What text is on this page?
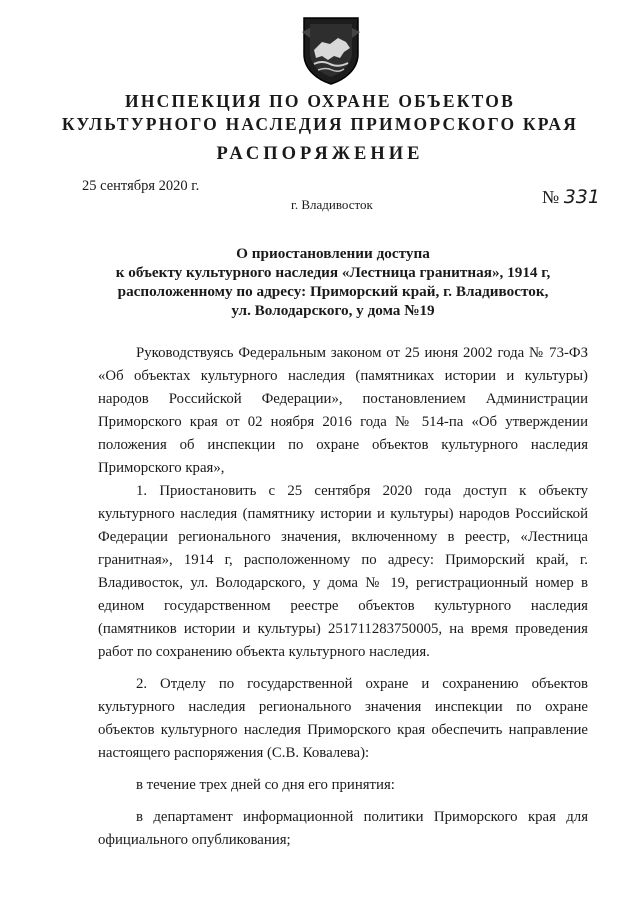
ИНСПЕКЦИЯ ПО ОХРАНЕ ОБЪЕКТОВ
КУЛЬТУРНОГО НАСЛЕДИЯ ПРИМОРСКОГО КРАЯ
РАСПОРЯЖЕНИЕ
25 сентября 2020 г.
№ 331
г. Владивосток
О приостановлении доступа
к объекту культурного наследия «Лестница гранитная», 1914 г,
расположенному по адресу: Приморский край, г. Владивосток,
ул. Володарского, у дома №19

Руководствуясь Федеральным законом от 25 июня 2002 года № 73-ФЗ «Об объектах культурного наследия (памятниках истории и культуры) народов Российской Федерации», постановлением Администрации Приморского края от 02 ноября 2016 года № 514-па «Об утверждении положения об инспекции по охране объектов культурного наследия Приморского края»,

1. Приостановить с 25 сентября 2020 года доступ к объекту культурного наследия (памятнику истории и культуры) народов Российской Федерации регионального значения, включенному в реестр, «Лестница гранитная», 1914 г, расположенному по адресу: Приморский край, г. Владивосток, ул. Володарского, у дома № 19, регистрационный номер в едином государственном реестре объектов культурного наследия (памятников истории и культуры) 251711283750005, на время проведения работ по сохранению объекта культурного наследия.

2. Отделу по государственной охране и сохранению объектов культурного наследия регионального значения инспекции по охране объектов культурного наследия Приморского края обеспечить направление настоящего распоряжения (С.В. Ковалева):

в течение трех дней со дня его принятия:

в департамент информационной политики Приморского края для официального опубликования;
